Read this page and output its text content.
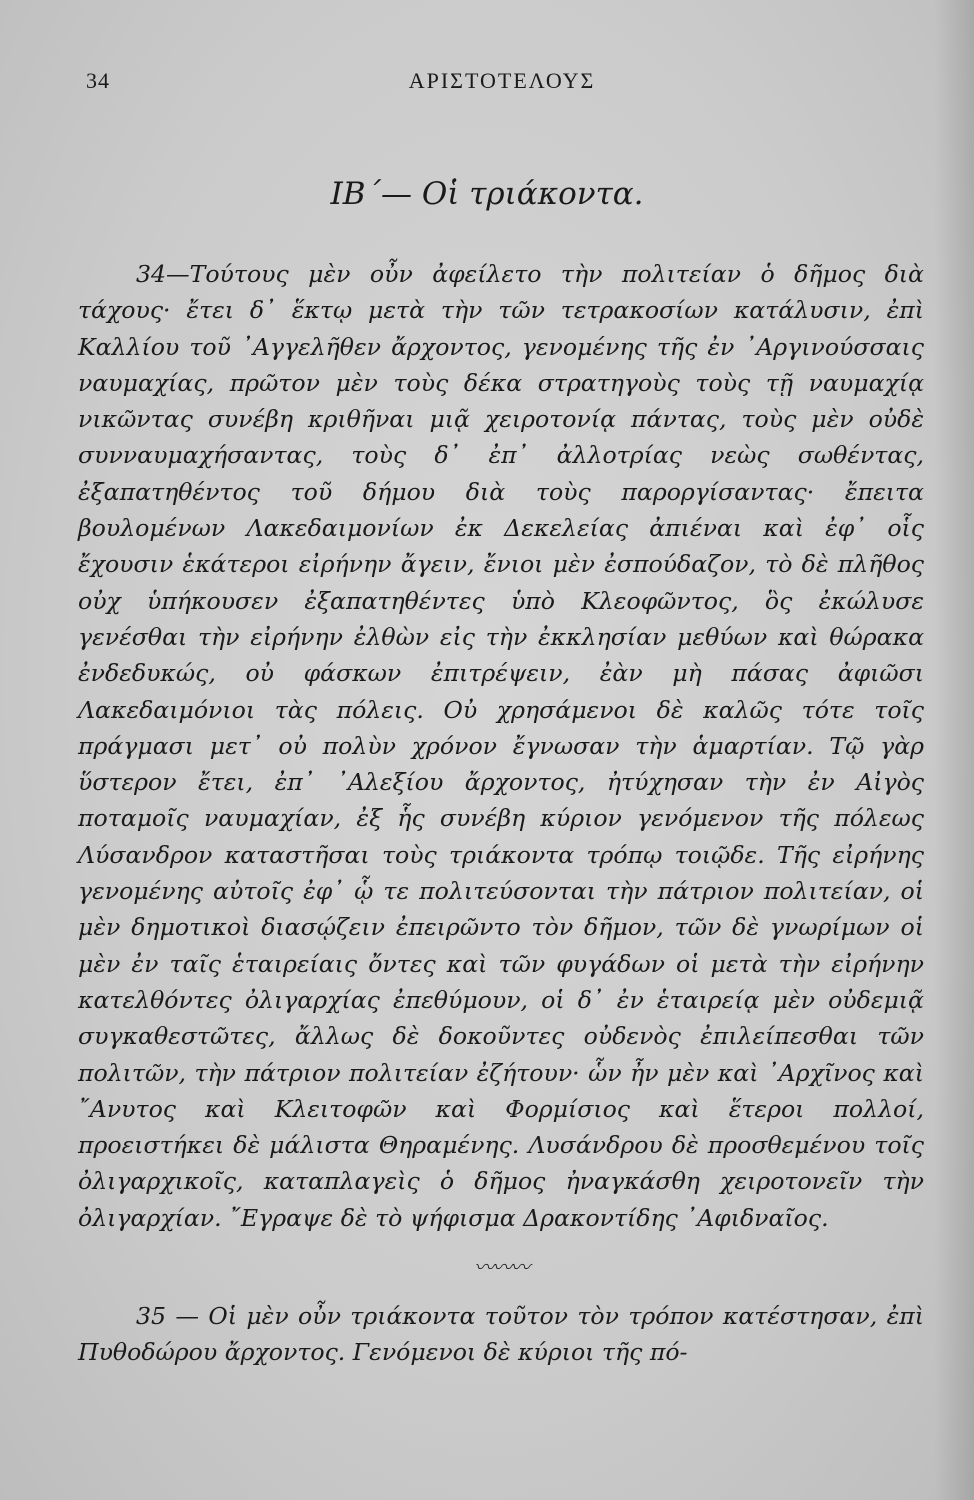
34	ΑΡΙΣΤΟΤΕΛΟΥΣ
ΙΒ΄— Οἱ τριάκοντα.

34—Τούτους μὲν οὖν ἀφείλετο τὴν πολιτείαν ὁ δῆμος διὰ τάχους· ἔτει δ᾽ ἕκτῳ μετὰ τὴν τῶν τετρακοσίων κατάλυσιν, ἐπὶ Καλλίου τοῦ ᾿Αγγελῆθεν ἄρχοντος, γενομένης τῆς ἐν ᾿Αργινούσσαις ναυμαχίας, πρῶτον μὲν τοὺς δέκα στρατηγοὺς τοὺς τῇ ναυμαχίᾳ νικῶντας συνέβη κριθῆναι μιᾷ χειροτονίᾳ πάντας, τοὺς μὲν οὐδὲ συνναυμαχήσαντας, τοὺς δ᾽ ἐπ᾽ ἀλλοτρίας νεὼς σωθέντας, ἐξαπατηθέντος τοῦ δήμου διὰ τοὺς παροργίσαντας· ἔπειτα βουλομένων Λακεδαιμονίων ἐκ Δεκελείας ἀπιέναι καὶ ἐφ᾽ οἷς ἔχουσιν ἑκάτεροι εἰρήνην ἄγειν, ἔνιοι μὲν ἐσπούδαζον, τὸ δὲ πλῆθος οὐχ ὑπήκουσεν ἐξαπατηθέντες ὑπὸ Κλεοφῶντος, ὃς ἐκώλυσε γενέσθαι τὴν εἰρήνην ἐλθὼν εἰς τὴν ἐκκλησίαν μεθύων καὶ θώρακα ἐνδεδυκώς, οὐ φάσκων ἐπιτρέψειν, ἐὰν μὴ πάσας ἀφιῶσι Λακεδαιμόνιοι τὰς πόλεις. Οὐ χρησάμενοι δὲ καλῶς τότε τοῖς πράγμασι μετ᾽ οὐ πολὺν χρόνον ἔγνωσαν τὴν ἁμαρτίαν. Τῷ γὰρ ὕστερον ἔτει, ἐπ᾽ ᾿Αλεξίου ἄρχοντος, ἠτύχησαν τὴν ἐν Αἰγὸς ποταμοῖς ναυμαχίαν, ἐξ ἧς συνέβη κύριον γενόμενον τῆς πόλεως Λύσανδρον καταστῆσαι τοὺς τριάκοντα τρόπῳ τοιῷδε. Τῆς εἰρήνης γενομένης αὐτοῖς ἐφ᾽ ᾧ τε πολιτεύσονται τὴν πάτριον πολιτείαν, οἱ μὲν δημοτικοὶ διασῴζειν ἐπειρῶντο τὸν δῆμον, τῶν δὲ γνωρίμων οἱ μὲν ἐν ταῖς ἑταιρείαις ὄντες καὶ τῶν φυγάδων οἱ μετὰ τὴν εἰρήνην κατελθόντες ὀλιγαρχίας ἐπεθύμουν, οἱ δ᾽ ἐν ἑταιρείᾳ μὲν οὐδεμιᾷ συγκαθεστῶτες, ἄλλως δὲ δοκοῦντες οὐδενὸς ἐπιλείπεσθαι τῶν πολιτῶν, τὴν πάτριον πολιτείαν ἐζήτουν· ὧν ἦν μὲν καὶ ᾿Αρχῖνος καὶ ῎Ανυτος καὶ Κλειτοφῶν καὶ Φορμίσιος καὶ ἕτεροι πολλοί, προειστήκει δὲ μάλιστα Θηραμένης. Λυσάνδρου δὲ προσθεμένου τοῖς ὀλιγαρχικοῖς, καταπλαγεὶς ὁ δῆμος ἠναγκάσθη χειροτονεῖν τὴν ὀλιγαρχίαν. ῎Εγραψε δὲ τὸ ψήφισμα Δρακοντίδης ᾿Αφιδναῖος.

〰〰〰

35 — Οἱ μὲν οὖν τριάκοντα τοῦτον τὸν τρόπον κατέστησαν, ἐπὶ Πυθοδώρου ἄρχοντος. Γενόμενοι δὲ κύριοι τῆς πό-
